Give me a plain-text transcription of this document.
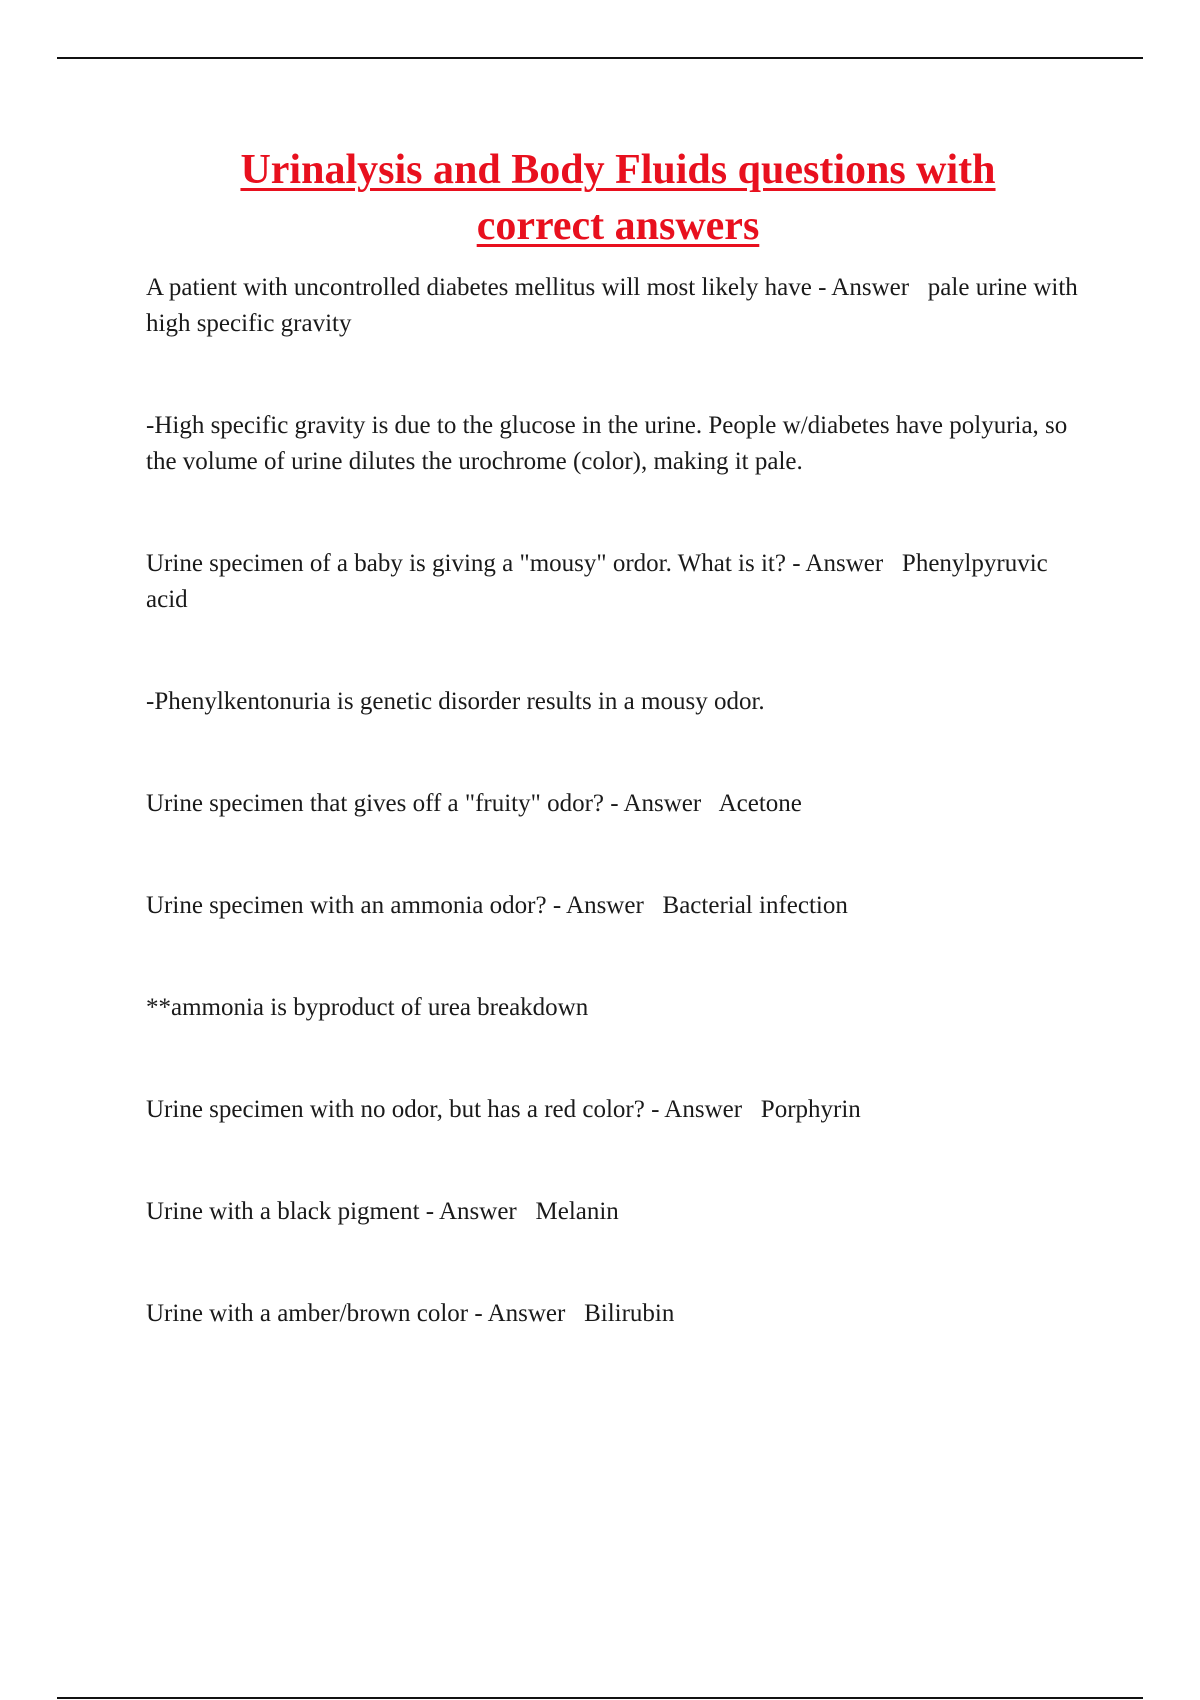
Urinalysis and Body Fluids questions with
correct answers

A patient with uncontrolled diabetes mellitus will most likely have - Answer   pale urine with high specific gravity

-High specific gravity is due to the glucose in the urine. People w/diabetes have polyuria, so the volume of urine dilutes the urochrome (color), making it pale.

Urine specimen of a baby is giving a "mousy" ordor. What is it? - Answer   Phenylpyruvic acid

-Phenylkentonuria is genetic disorder results in a mousy odor.

Urine specimen that gives off a "fruity" odor? - Answer   Acetone

Urine specimen with an ammonia odor? - Answer   Bacterial infection

**ammonia is byproduct of urea breakdown

Urine specimen with no odor, but has a red color? - Answer   Porphyrin

Urine with a black pigment - Answer   Melanin

Urine with a amber/brown color - Answer   Bilirubin
